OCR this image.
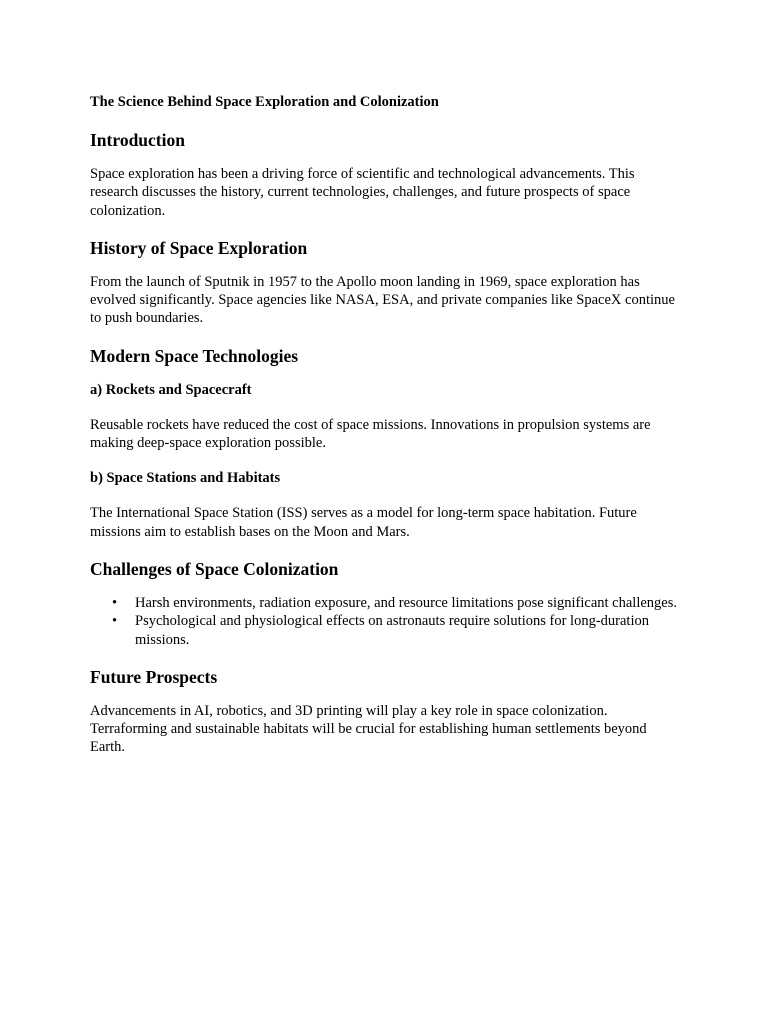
The Science Behind Space Exploration and Colonization
Introduction
Space exploration has been a driving force of scientific and technological advancements. This research discusses the history, current technologies, challenges, and future prospects of space colonization.
History of Space Exploration
From the launch of Sputnik in 1957 to the Apollo moon landing in 1969, space exploration has evolved significantly. Space agencies like NASA, ESA, and private companies like SpaceX continue to push boundaries.
Modern Space Technologies
a) Rockets and Spacecraft
Reusable rockets have reduced the cost of space missions. Innovations in propulsion systems are making deep-space exploration possible.
b) Space Stations and Habitats
The International Space Station (ISS) serves as a model for long-term space habitation. Future missions aim to establish bases on the Moon and Mars.
Challenges of Space Colonization
• Harsh environments, radiation exposure, and resource limitations pose significant challenges.
• Psychological and physiological effects on astronauts require solutions for long-duration missions.
Future Prospects
Advancements in AI, robotics, and 3D printing will play a key role in space colonization. Terraforming and sustainable habitats will be crucial for establishing human settlements beyond Earth.
